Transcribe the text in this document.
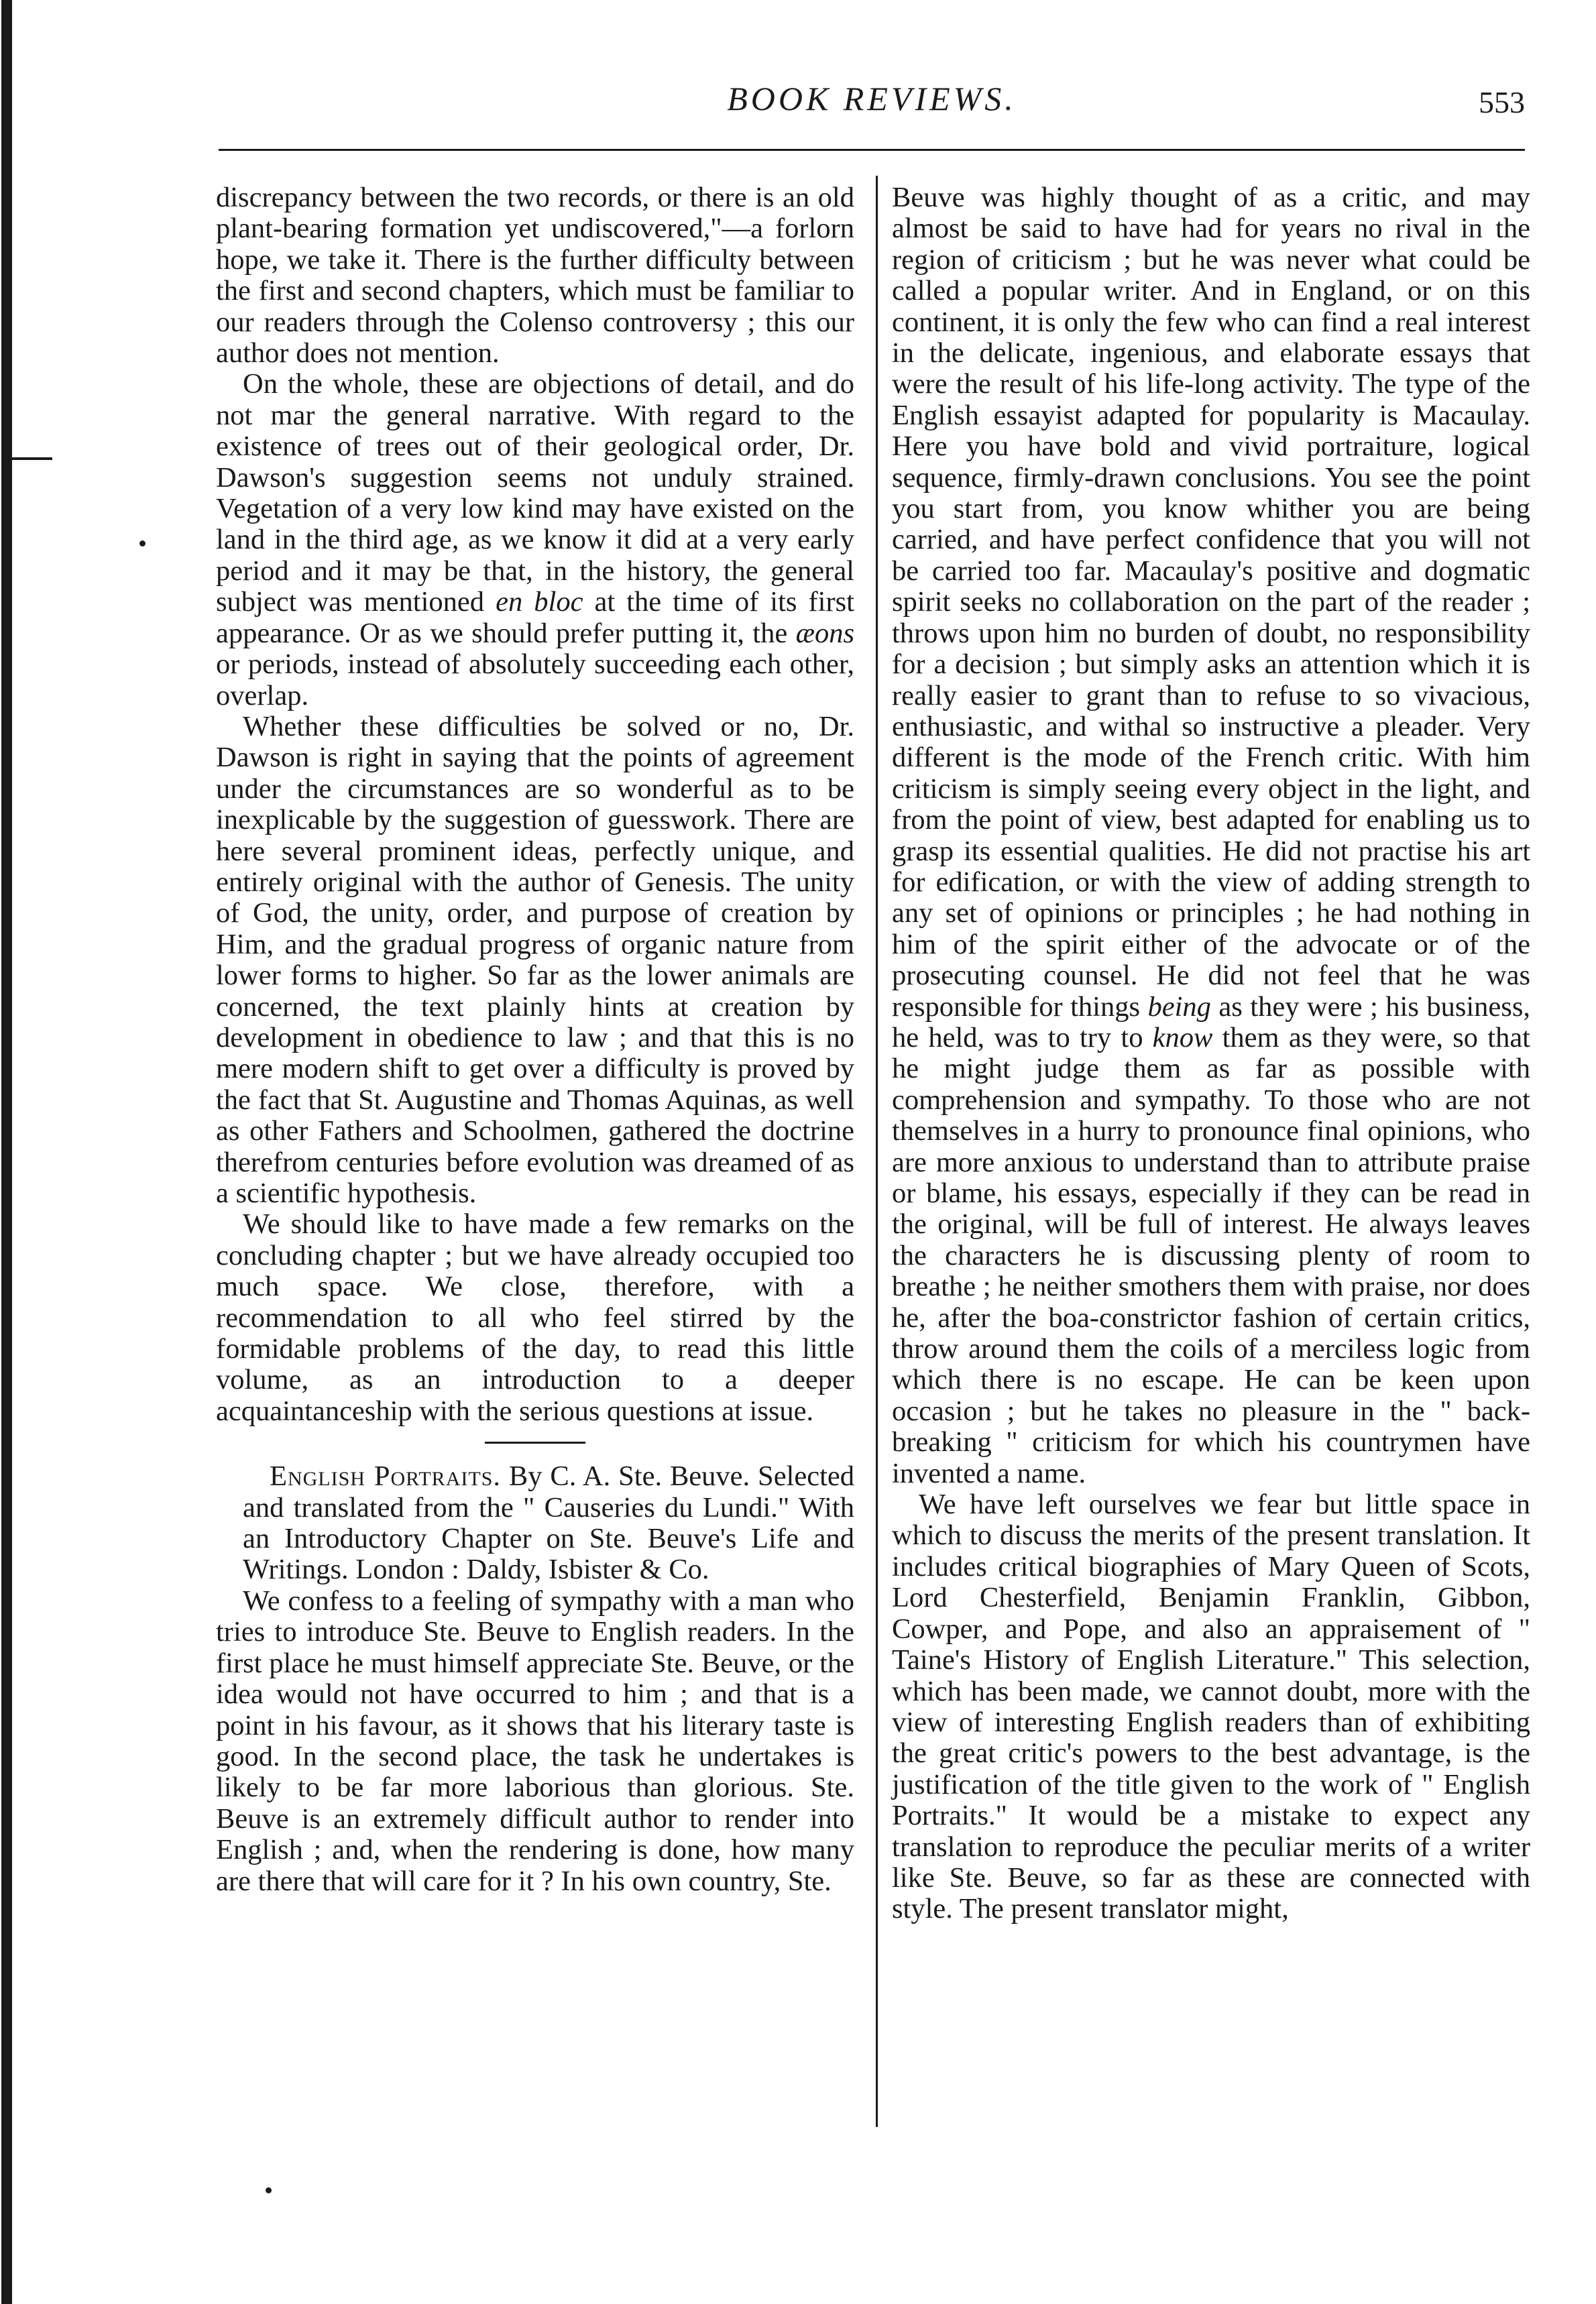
BOOK REVIEWS.	553

discrepancy between the two records, or there is an old plant-bearing formation yet undiscovered,"—a forlorn hope, we take it. There is the further difficulty between the first and second chapters, which must be familiar to our readers through the Colenso controversy ; this our author does not mention.

On the whole, these are objections of detail, and do not mar the general narrative. With regard to the existence of trees out of their geological order, Dr. Dawson's suggestion seems not unduly strained. Vegetation of a very low kind may have existed on the land in the third age, as we know it did at a very early period and it may be that, in the history, the general subject was mentioned en bloc at the time of its first appearance. Or as we should prefer putting it, the æons or periods, instead of absolutely succeeding each other, overlap.

Whether these difficulties be solved or no, Dr. Dawson is right in saying that the points of agreement under the circumstances are so wonderful as to be inexplicable by the suggestion of guesswork. There are here several prominent ideas, perfectly unique, and entirely original with the author of Genesis. The unity of God, the unity, order, and purpose of creation by Him, and the gradual progress of organic nature from lower forms to higher. So far as the lower animals are concerned, the text plainly hints at creation by development in obedience to law ; and that this is no mere modern shift to get over a difficulty is proved by the fact that St. Augustine and Thomas Aquinas, as well as other Fathers and Schoolmen, gathered the doctrine therefrom centuries before evolution was dreamed of as a scientific hypothesis.

We should like to have made a few remarks on the concluding chapter ; but we have already occupied too much space. We close, therefore, with a recommendation to all who feel stirred by the formidable problems of the day, to read this little volume, as an introduction to a deeper acquaintanceship with the serious questions at issue.

English Portraits. By C. A. Ste. Beuve. Selected and translated from the " Causeries du Lundi." With an Introductory Chapter on Ste. Beuve's Life and Writings. London : Daldy, Isbister & Co.

We confess to a feeling of sympathy with a man who tries to introduce Ste. Beuve to English readers. In the first place he must himself appreciate Ste. Beuve, or the idea would not have occurred to him ; and that is a point in his favour, as it shows that his literary taste is good. In the second place, the task he undertakes is likely to be far more laborious than glorious. Ste. Beuve is an extremely difficult author to render into English ; and, when the rendering is done, how many are there that will care for it ? In his own country, Ste.

Beuve was highly thought of as a critic, and may almost be said to have had for years no rival in the region of criticism ; but he was never what could be called a popular writer. And in England, or on this continent, it is only the few who can find a real interest in the delicate, ingenious, and elaborate essays that were the result of his life-long activity. The type of the English essayist adapted for popularity is Macaulay. Here you have bold and vivid portraiture, logical sequence, firmly-drawn conclusions. You see the point you start from, you know whither you are being carried, and have perfect confidence that you will not be carried too far. Macaulay's positive and dogmatic spirit seeks no collaboration on the part of the reader ; throws upon him no burden of doubt, no responsibility for a decision ; but simply asks an attention which it is really easier to grant than to refuse to so vivacious, enthusiastic, and withal so instructive a pleader. Very different is the mode of the French critic. With him criticism is simply seeing every object in the light, and from the point of view, best adapted for enabling us to grasp its essential qualities. He did not practise his art for edification, or with the view of adding strength to any set of opinions or principles ; he had nothing in him of the spirit either of the advocate or of the prosecuting counsel. He did not feel that he was responsible for things being as they were ; his business, he held, was to try to know them as they were, so that he might judge them as far as possible with comprehension and sympathy. To those who are not themselves in a hurry to pronounce final opinions, who are more anxious to understand than to attribute praise or blame, his essays, especially if they can be read in the original, will be full of interest. He always leaves the characters he is discussing plenty of room to breathe ; he neither smothers them with praise, nor does he, after the boa-constrictor fashion of certain critics, throw around them the coils of a merciless logic from which there is no escape. He can be keen upon occasion ; but he takes no pleasure in the " back-breaking " criticism for which his countrymen have invented a name.

We have left ourselves we fear but little space in which to discuss the merits of the present translation. It includes critical biographies of Mary Queen of Scots, Lord Chesterfield, Benjamin Franklin, Gibbon, Cowper, and Pope, and also an appraisement of " Taine's History of English Literature." This selection, which has been made, we cannot doubt, more with the view of interesting English readers than of exhibiting the great critic's powers to the best advantage, is the justification of the title given to the work of " English Portraits." It would be a mistake to expect any translation to reproduce the peculiar merits of a writer like Ste. Beuve, so far as these are connected with style. The present translator might,
